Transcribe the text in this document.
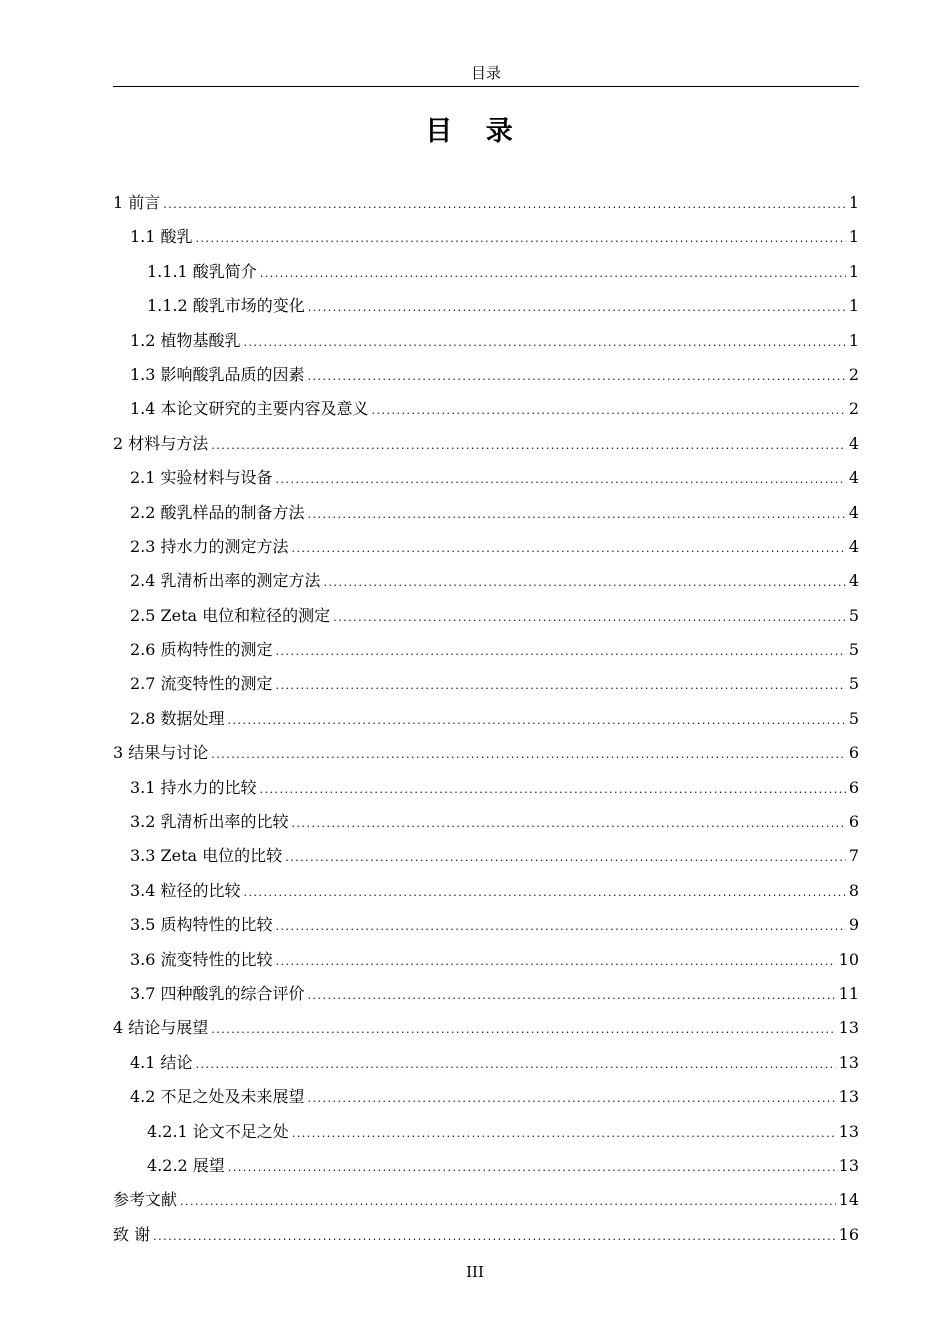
目录
目 录
1 前言 . . .	1
1.1 酸乳 . . .	1
1.1.1 酸乳简介 . . .	1
1.1.2 酸乳市场的变化 . . .	1
1.2 植物基酸乳 . . .	1
1.3 影响酸乳品质的因素 . . .	2
1.4 本论文研究的主要内容及意义 . . .	2
2 材料与方法 . . .	4
2.1 实验材料与设备 . . .	4
2.2 酸乳样品的制备方法 . . .	4
2.3 持水力的测定方法 . . .	4
2.4 乳清析出率的测定方法 . . .	4
2.5 Zeta 电位和粒径的测定 . . .	5
2.6 质构特性的测定 . . .	5
2.7 流变特性的测定 . . .	5
2.8 数据处理 . . .	5
3 结果与讨论 . . .	6
3.1 持水力的比较 . . .	6
3.2 乳清析出率的比较 . . .	6
3.3 Zeta 电位的比较 . . .	7
3.4 粒径的比较 . . .	8
3.5 质构特性的比较 . . .	9
3.6 流变特性的比较 . . .	10
3.7 四种酸乳的综合评价 . . .	11
4 结论与展望 . . .	13
4.1 结论 . . .	13
4.2 不足之处及未来展望 . . .	13
4.2.1 论文不足之处 . . .	13
4.2.2 展望 . . .	13
参考文献 . . .	14
致 谢 . . .	16
III
